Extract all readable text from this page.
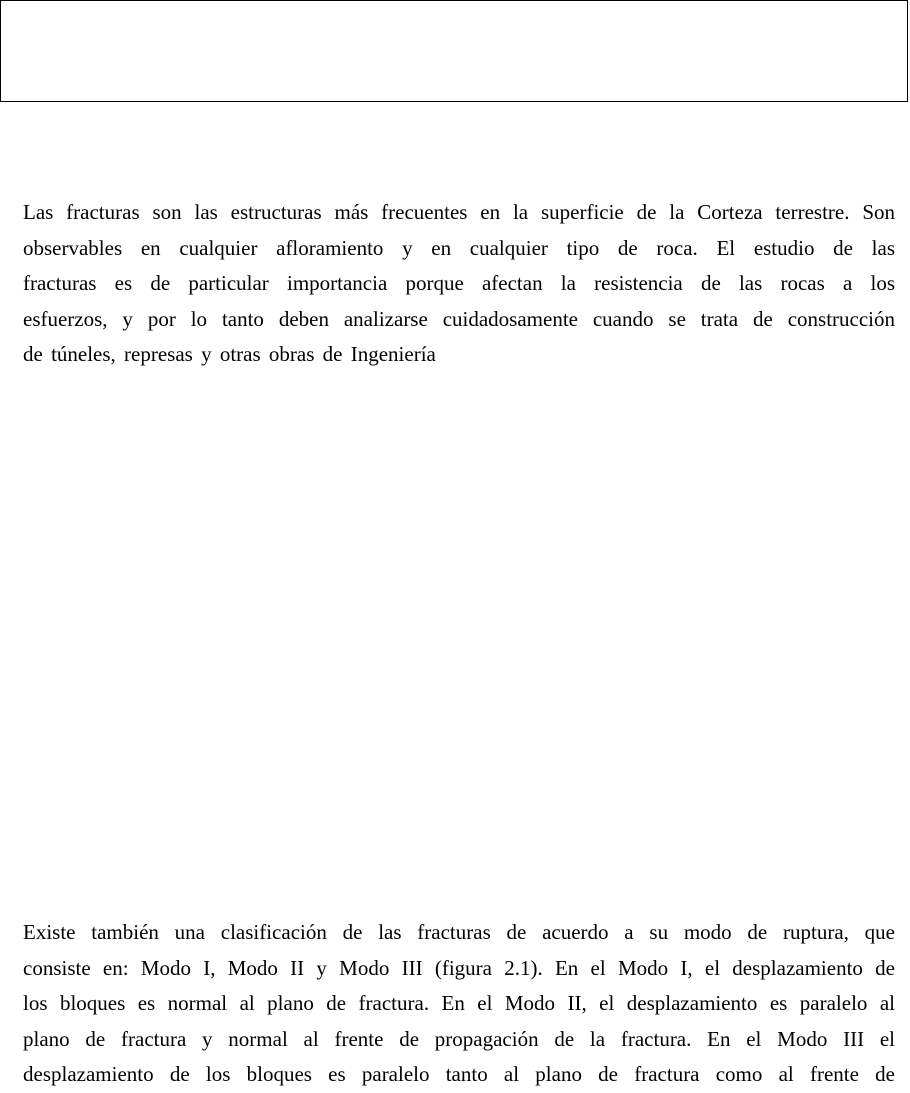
Las fracturas son las estructuras más frecuentes en la superficie de la Corteza terrestre. Son
observables en cualquier afloramiento y en cualquier tipo de roca. El estudio de las
fracturas es de particular importancia porque afectan la resistencia de las rocas a los
esfuerzos, y por lo tanto deben analizarse cuidadosamente cuando se trata de construcción
de túneles, represas y otras obras de Ingeniería
Existe también una clasificación de las fracturas de acuerdo a su modo de ruptura, que
consiste en: Modo I, Modo II y Modo III (figura 2.1). En el Modo I, el desplazamiento de
los bloques es normal al plano de fractura. En el Modo II, el desplazamiento es paralelo al
plano de fractura y normal al frente de propagación de la fractura. En el Modo III el
desplazamiento de los bloques es paralelo tanto al plano de fractura como al frente de
